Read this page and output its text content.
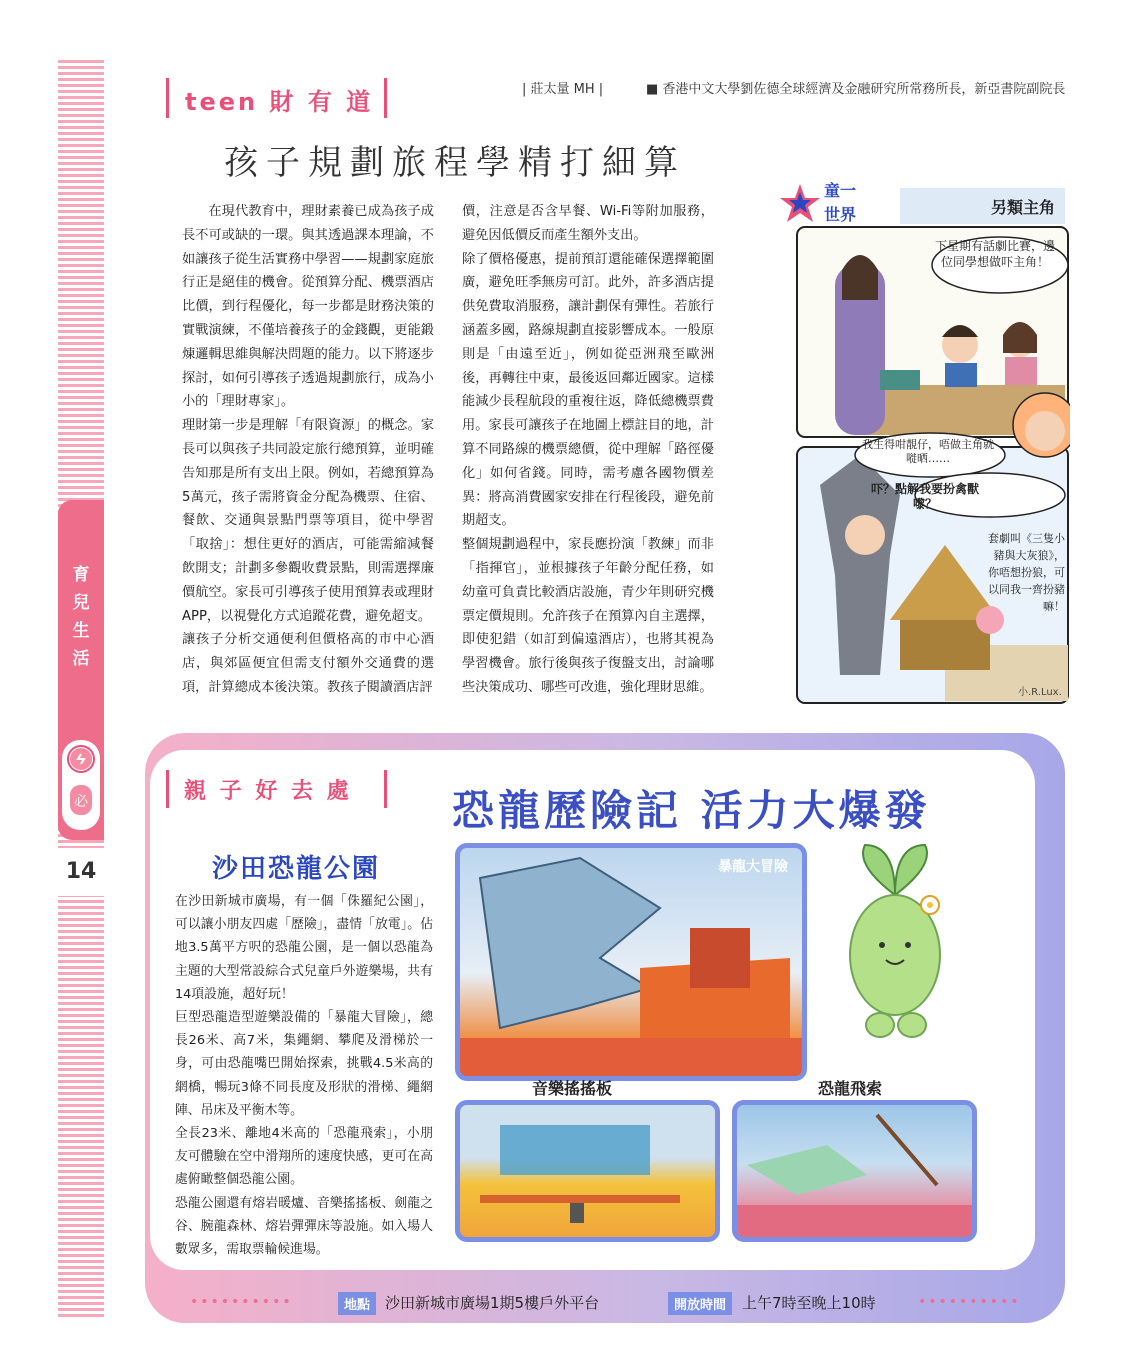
育
兒
生
活
必
14
teen 財 有 道	| 莊太量 MH |	■ 香港中文大學劉佐德全球經濟及金融研究所常務所長，新亞書院副院長
孩子規劃旅程學精打細算
在現代教育中，理財素養已成為孩子成長不可或缺的一環。與其透過課本理論，不如讓孩子從生活實務中學習——規劃家庭旅行正是絕佳的機會。從預算分配、機票酒店比價，到行程優化，每一步都是財務決策的實戰演練，不僅培養孩子的金錢觀，更能鍛煉邏輯思維與解決問題的能力。以下將逐步探討，如何引導孩子透過規劃旅行，成為小小的「理財專家」。
理財第一步是理解「有限資源」的概念。家長可以與孩子共同設定旅行總預算，並明確告知那是所有支出上限。例如，若總預算為5萬元，孩子需將資金分配為機票、住宿、餐飲、交通與景點門票等項目，從中學習「取捨」：想住更好的酒店，可能需縮減餐飲開支；計劃多參觀收費景點，則需選擇廉價航空。家長可引導孩子使用預算表或理財APP，以視覺化方式追蹤花費，避免超支。
讓孩子分析交通便利但價格高的市中心酒店，與郊區便宜但需支付額外交通費的選項，計算總成本後決策。教孩子閱讀酒店評
價，注意是否含早餐、Wi-Fi等附加服務，避免因低價反而產生額外支出。
除了價格優惠，提前預訂還能確保選擇範圍廣，避免旺季無房可訂。此外，許多酒店提供免費取消服務，讓計劃保有彈性。若旅行涵蓋多國，路線規劃直接影響成本。一般原則是「由遠至近」，例如從亞洲飛至歐洲後，再轉往中東，最後返回鄰近國家。這樣能減少長程航段的重複往返，降低總機票費用。家長可讓孩子在地圖上標註目的地，計算不同路線的機票總價，從中理解「路徑優化」如何省錢。同時，需考慮各國物價差異：將高消費國家安排在行程後段，避免前期超支。
整個規劃過程中，家長應扮演「教練」而非「指揮官」，並根據孩子年齡分配任務，如幼童可負責比較酒店設施，青少年則研究機票定價規則。允許孩子在預算內自主選擇，即使犯錯（如訂到偏遠酒店），也將其視為學習機會。旅行後與孩子復盤支出，討論哪些決策成功、哪些可改進，強化理財思維。
另類主角
童一
世界
下星期有話劇比賽，邊位同學想做吓主角！
我生得咁靚仔，唔做主角就嘥晒……
吓？點解我要扮禽獸嚟？
套劇叫《三隻小豬與大灰狼》，你唔想扮狼，可以同我一齊扮豬嘛！
小.R.Lux.
親 子 好 去 處 恐龍歷險記 活力大爆發
沙田恐龍公園
在沙田新城市廣場，有一個「侏羅紀公園」，可以讓小朋友四處「歷險」，盡情「放電」。佔地3.5萬平方呎的恐龍公園，是一個以恐龍為主題的大型常設綜合式兒童戶外遊樂場，共有14項設施，超好玩！
巨型恐龍造型遊樂設備的「暴龍大冒險」，總長26米、高7米，集繩網、攀爬及滑梯於一身，可由恐龍嘴巴開始探索，挑戰4.5米高的網橋，暢玩3條不同長度及形狀的滑梯、繩網陣、吊床及平衡木等。
全長23米、離地4米高的「恐龍飛索」，小朋友可體驗在空中滑翔所的速度快感，更可在高處俯瞰整個恐龍公園。
恐龍公園還有熔岩暖爐、音樂搖搖板、劍龍之谷、腕龍森林、熔岩彈彈床等設施。如入場人數眾多，需取票輪候進場。
暴龍大冒險
音樂搖搖板	恐龍飛索
••••••••••	地點 沙田新城市廣場1期5樓戶外平台	開放時間	上午7時至晚上10時	••••••••••
